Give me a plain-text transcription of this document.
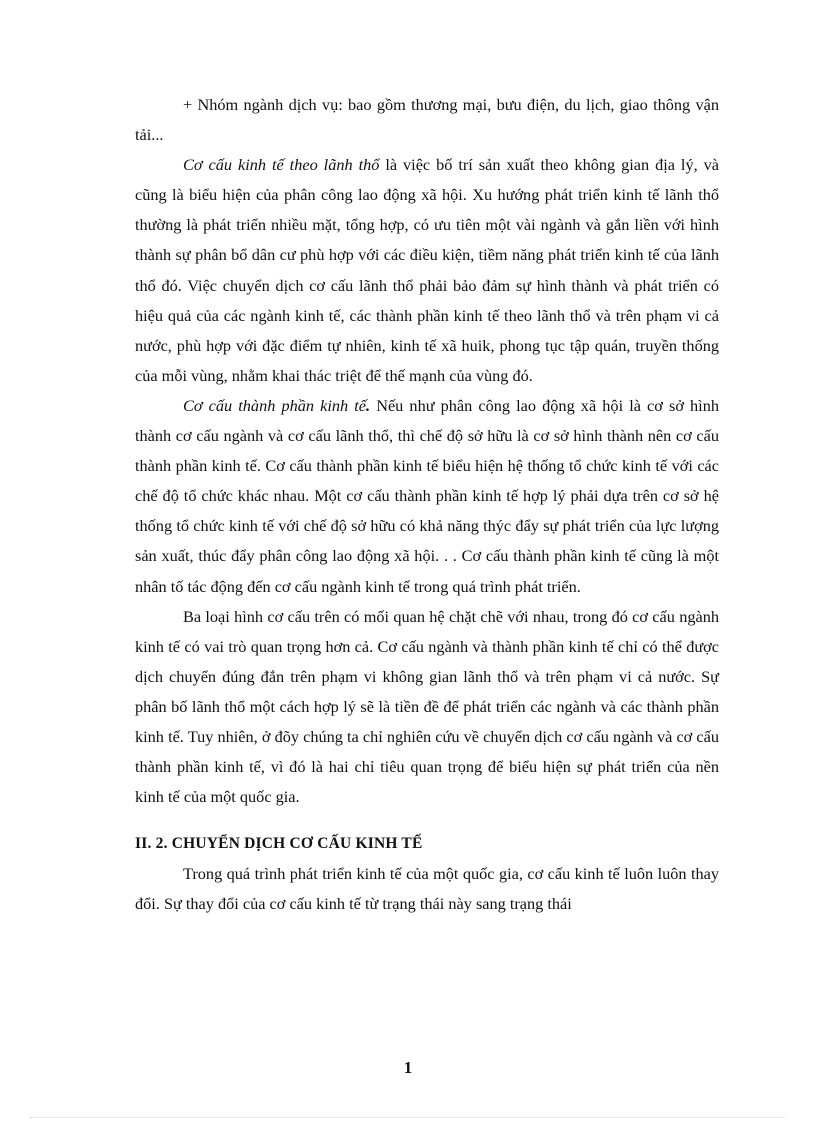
+ Nhóm ngành dịch vụ: bao gồm thương mại, bưu điện, du lịch, giao thông vận tải...

Cơ cấu kinh tế theo lãnh thổ là việc bố trí sản xuất theo không gian địa lý, và cũng là biểu hiện của phân công lao động xã hội. Xu hướng phát triển kinh tế lãnh thổ thường là phát triển nhiều mặt, tổng hợp, có ưu tiên một vài ngành và gắn liền với hình thành sự phân bổ dân cư phù hợp với các điều kiện, tiềm năng phát triển kinh tế của lãnh thổ đó. Việc chuyển dịch cơ cấu lãnh thổ phải bảo đảm sự hình thành và phát triển có hiệu quả của các ngành kinh tế, các thành phần kinh tế theo lãnh thổ và trên phạm vi cả nước, phù hợp với đặc điểm tự nhiên, kinh tế xã huik, phong tục tập quán, truyền thống của mỗi vùng, nhằm khai thác triệt để thế mạnh của vùng đó.

Cơ cấu thành phần kinh tế. Nếu như phân công lao động xã hội là cơ sở hình thành cơ cấu ngành và cơ cấu lãnh thổ, thì chế độ sở hữu là cơ sở hình thành nên cơ cấu thành phần kinh tế. Cơ cấu thành phần kinh tế biểu hiện hệ thống tổ chức kinh tế với các chế độ tổ chức khác nhau. Một cơ cấu thành phần kinh tế hợp lý phải dựa trên cơ sở hệ thống tổ chức kinh tế với chế độ sở hữu có khả năng thýc đẩy sự phát triển của lực lượng sản xuất, thúc đẩy phân công lao động xã hội. . . Cơ cấu thành phần kinh tế cũng là một nhân tố tác động đến cơ cấu ngành kinh tế trong quá trình phát triển.

Ba loại hình cơ cấu trên có mối quan hệ chặt chẽ với nhau, trong đó cơ cấu ngành kinh tế có vai trò quan trọng hơn cả. Cơ cấu ngành và thành phần kinh tế chỉ có thể được dịch chuyển đúng đắn trên phạm vi không gian lãnh thổ và trên phạm vi cả nước. Sự phân bố lãnh thổ một cách hợp lý sẽ là tiền đề để phát triển các ngành và các thành phần kinh tế. Tuy nhiên, ở đõy chúng ta chỉ nghiên cứu về chuyển dịch cơ cấu ngành và cơ cấu thành phần kinh tế, vì đó là hai chỉ tiêu quan trọng để biểu hiện sự phát triển của nền kinh tế của một quốc gia.

II. 2. CHUYỂN DỊCH CƠ CẤU KINH TẾ

Trong quá trình phát triển kinh tế của một quốc gia, cơ cấu kinh tế luôn luôn thay đổi. Sự thay đổi của cơ cấu kinh tế từ trạng thái này sang trạng thái

1
